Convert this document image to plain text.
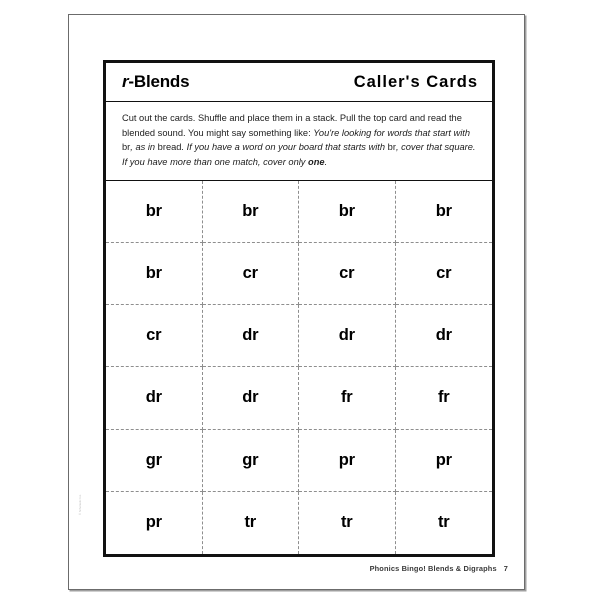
© Scholastic Inc.
r-Blends	Caller's Cards
Cut out the cards. Shuffle and place them in a stack. Pull the top card and read the blended sound. You might say something like: You're looking for words that start with br, as in bread. If you have a word on your board that starts with br, cover that square. If you have more than one match, cover only one.
br	br	br	br
br	cr	cr	cr
cr	dr	dr	dr
dr	dr	fr	fr
gr	gr	pr	pr
pr	tr	tr	tr
Phonics Bingo! Blends & Digraphs 7
